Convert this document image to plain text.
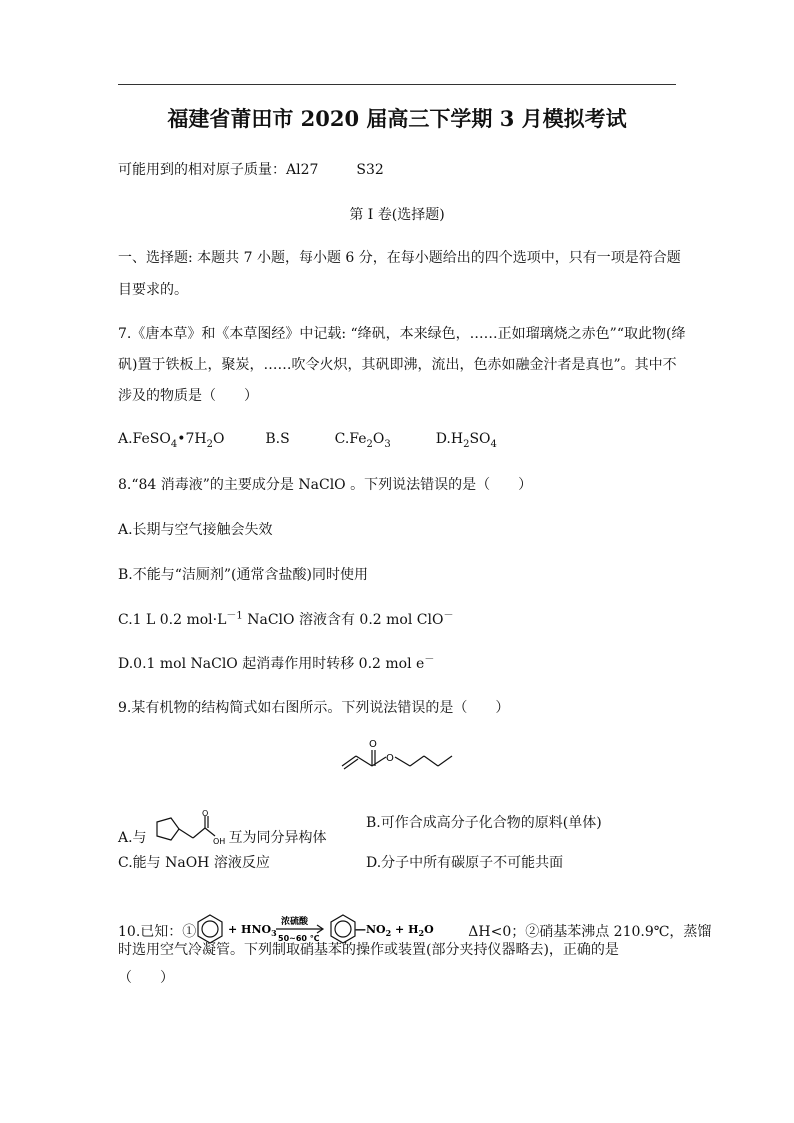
福建省莆田市 2020 届高三下学期 3 月模拟考试
可能用到的相对原子质量：Al27	S32
第 I 卷(选择题)
一、选择题: 本题共 7 小题，每小题 6 分，在每小题给出的四个选项中，只有一项是符合题
目要求的。
7.《唐本草》和《本草图经》中记载: “绛矾，本来绿色，……正如瑠璃烧之赤色”“取此物(绛
矾)置于铁板上，聚炭，……吹令火炽，其矾即沸，流出，色赤如融金汁者是真也”。其中不
涉及的物质是（　　）
$A.FeSO_4•7H_2O$	B.S	$C.Fe_2O_3$	$D.H_2SO_4$
8.“84 消毒液”的主要成分是 NaClO 。下列说法错误的是（　　）
A.长期与空气接触会失效
B.不能与“洁厕剂”(通常含盐酸)同时使用
C.1 L 0.2 $mol\cdot L^{-1}$ NaClO 溶液含有 0.2 mol ClO－
D.0.1 mol NaClO 起消毒作用时转移 0.2 mol e－
9.某有机物的结构简式如右图所示。下列说法错误的是（　　）
O
O
A.与
O
OH 互为同分异构体
B.可作合成高分子化合物的原料(单体)
C.能与 NaOH 溶液反应	D.分子中所有碳原子不可能共面
10.已知：①	+ $HNO_3$
浓硫酸
50~60 ℃
$—NO_2 + H_2O$ ΔH<0；②硝基苯沸点 210.9℃，蒸馏
时选用空气冷凝管。下列制取硝基苯的操作或装置(部分夹持仪器略去)，正确的是
（　　）
